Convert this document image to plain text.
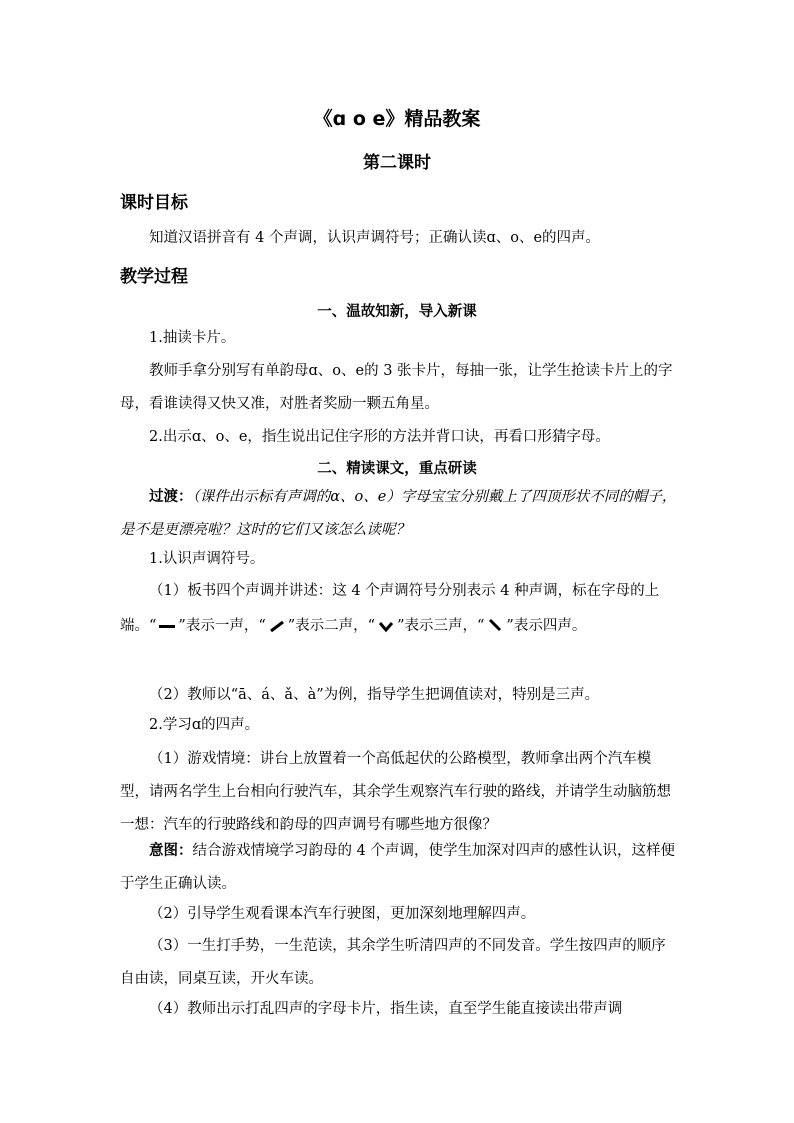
《ɑ o e》精品教案
第二课时
课时目标
知道汉语拼音有 4 个声调，认识声调符号；正确认读ɑ、o、e的四声。
教学过程
一、温故知新，导入新课
1.抽读卡片。
教师手拿分别写有单韵母ɑ、o、e的 3 张卡片，每抽一张，让学生抢读卡片上的字母，看谁读得又快又准，对胜者奖励一颗五角星。
2.出示ɑ、o、e，指生说出记住字形的方法并背口诀，再看口形猜字母。
二、精读课文，重点研读
过渡：（课件出示标有声调的ɑ、o、e）字母宝宝分别戴上了四顶形状不同的帽子，是不是更漂亮啦？这时的它们又该怎么读呢？
1.认识声调符号。
（1）板书四个声调并讲述：这 4 个声调符号分别表示 4 种声调，标在字母的上端。“ ”表示一声，“ ”表示二声，“ ”表示三声，“ ”表示四声。
（2）教师以“ā、á、ǎ、à”为例，指导学生把调值读对，特别是三声。
2.学习ɑ的四声。
（1）游戏情境：讲台上放置着一个高低起伏的公路模型，教师拿出两个汽车模型，请两名学生上台相向行驶汽车，其余学生观察汽车行驶的路线，并请学生动脑筋想一想：汽车的行驶路线和韵母的四声调号有哪些地方很像？
意图：结合游戏情境学习韵母的 4 个声调，使学生加深对四声的感性认识，这样便于学生正确认读。
（2）引导学生观看课本汽车行驶图，更加深刻地理解四声。
（3）一生打手势，一生范读，其余学生听清四声的不同发音。学生按四声的顺序自由读，同桌互读，开火车读。
（4）教师出示打乱四声的字母卡片，指生读，直至学生能直接读出带声调
